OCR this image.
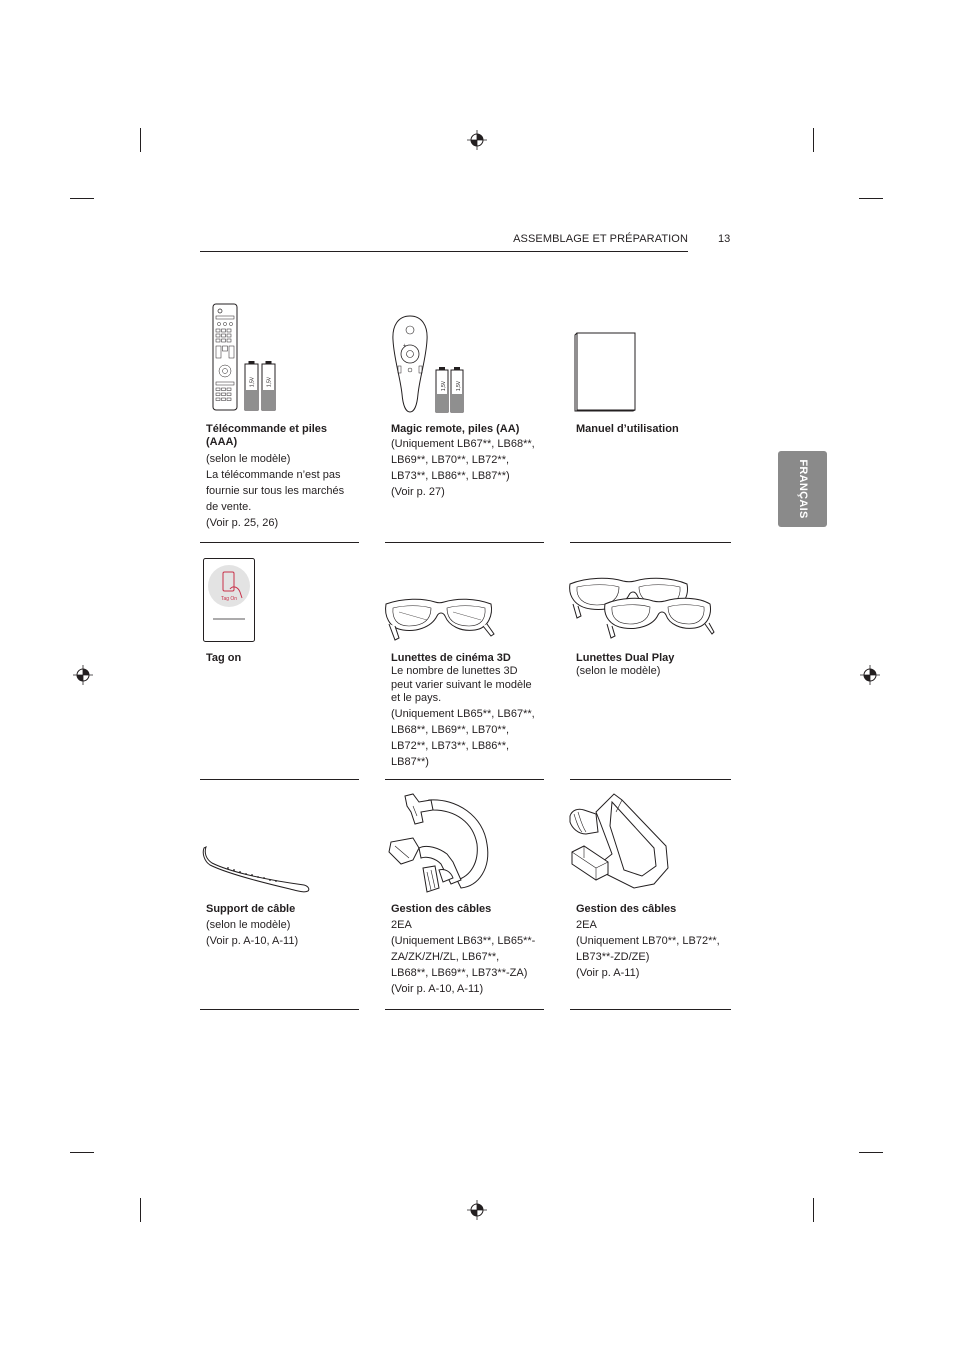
ASSEMBLAGE ET PRÉPARATION	13
FRANÇAIS
1,5V 1,5V
Télécommande et piles
(AAA)
(selon le modèle)
La télécommande n’est pas
fournie sur tous les marchés
de vente.
(Voir p. 25, 26)
+
1,5V 1,5V
Magic remote, piles (AA)
(Uniquement LB67**, LB68**,
LB69**, LB70**, LB72**,
LB73**, LB86**, LB87**)
(Voir p. 27)
Manuel d’utilisation
Tag On
Tag on	Lunettes de cinéma 3D
Le nombre de lunettes 3D
peut varier suivant le modèle
et le pays.
(Uniquement LB65**, LB67**,
LB68**, LB69**, LB70**,
LB72**, LB73**, LB86**,
LB87**)
Lunettes Dual Play
(selon le modèle)
Support de câble
(selon le modèle)
(Voir p. A-10, A-11)
Gestion des câbles
2EA
(Uniquement LB63**, LB65**-
ZA/ZK/ZH/ZL, LB67**,
LB68**, LB69**, LB73**-ZA)
(Voir p. A-10, A-11)
Gestion des câbles
2EA
(Uniquement LB70**, LB72**,
LB73**-ZD/ZE)
(Voir p. A-11)
